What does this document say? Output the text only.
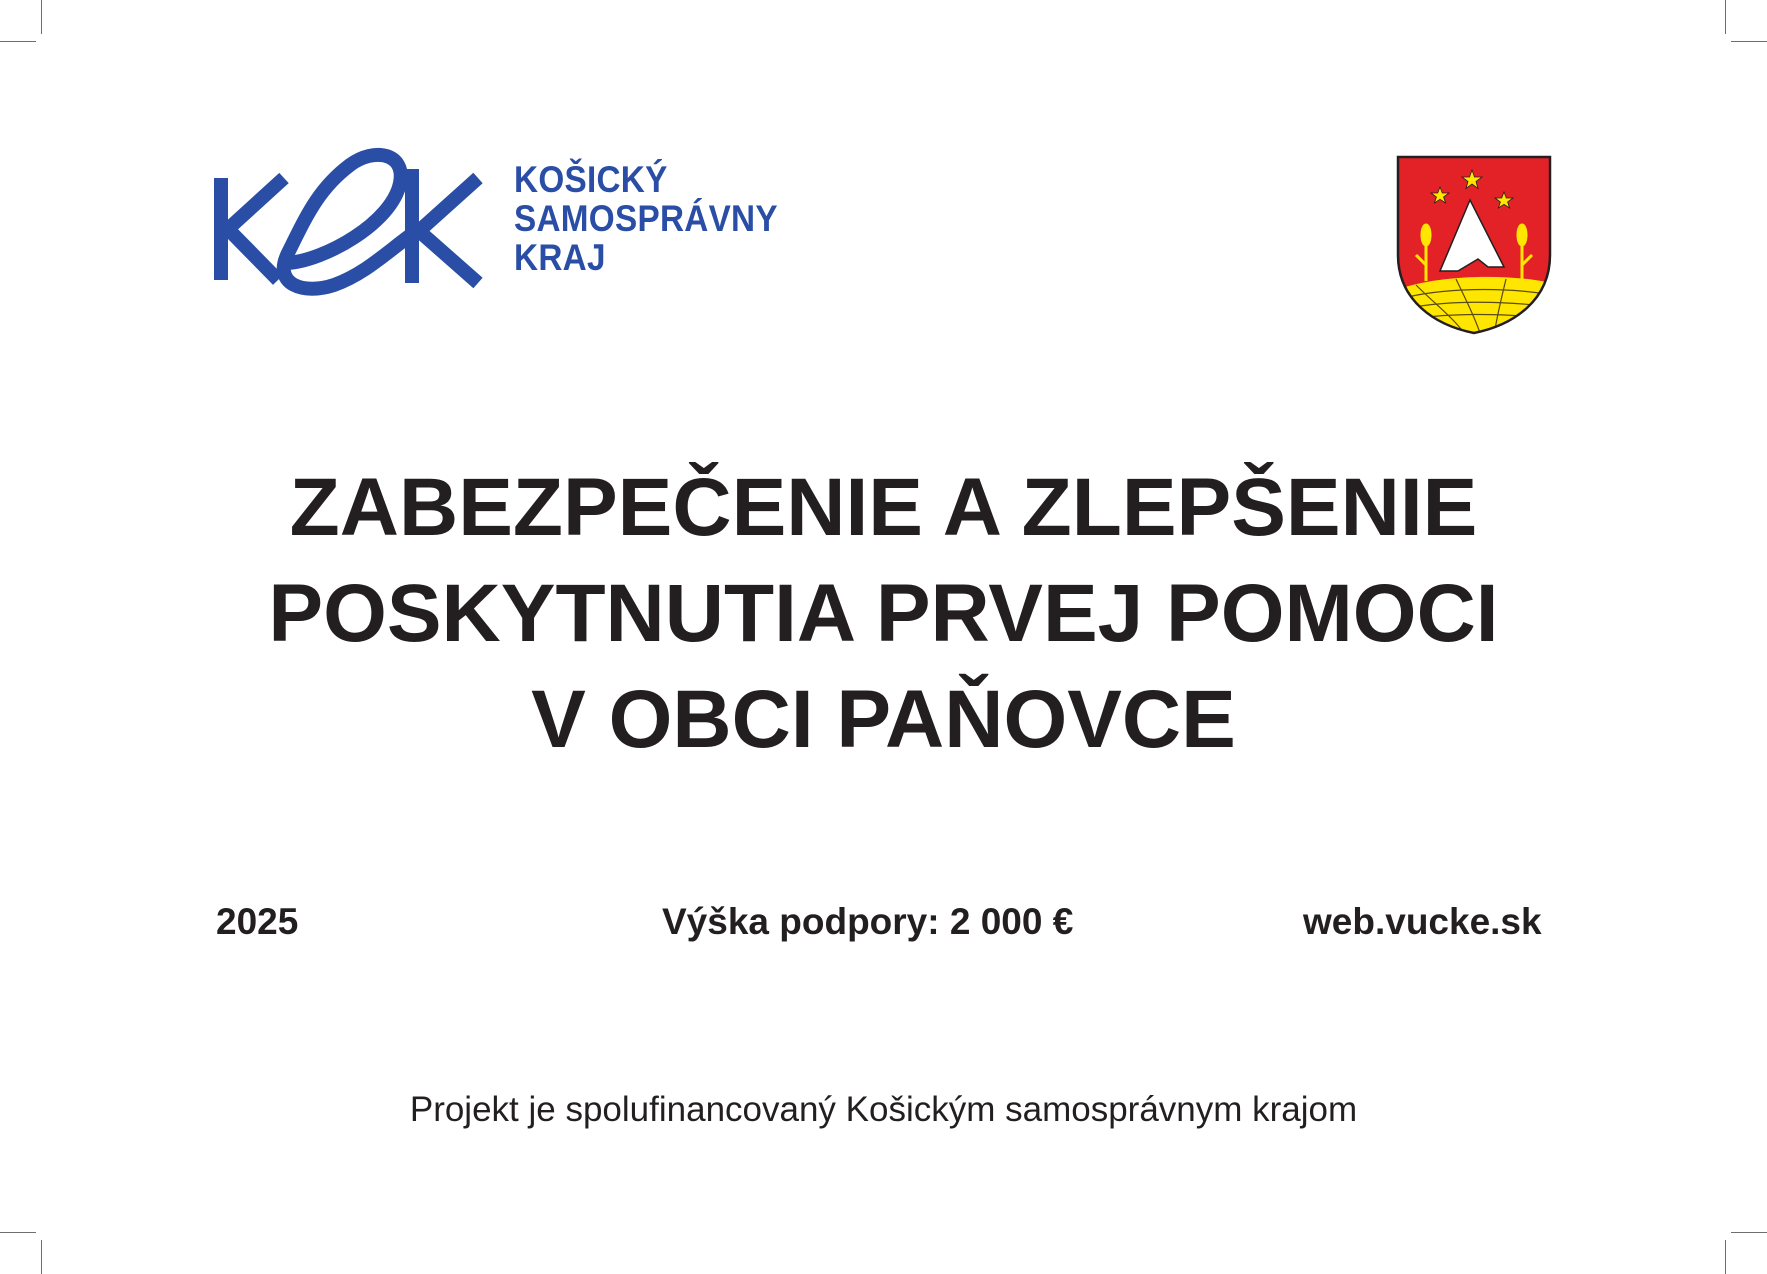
KOŠICKÝ
SAMOSPRÁVNY
KRAJ
ZABEZPEČENIE A ZLEPŠENIE
POSKYTNUTIA PRVEJ POMOCI
V OBCI PAŇOVCE
2025	Výška podpory: 2 000 €	web.vucke.sk
Projekt je spolufinancovaný Košickým samosprávnym krajom
